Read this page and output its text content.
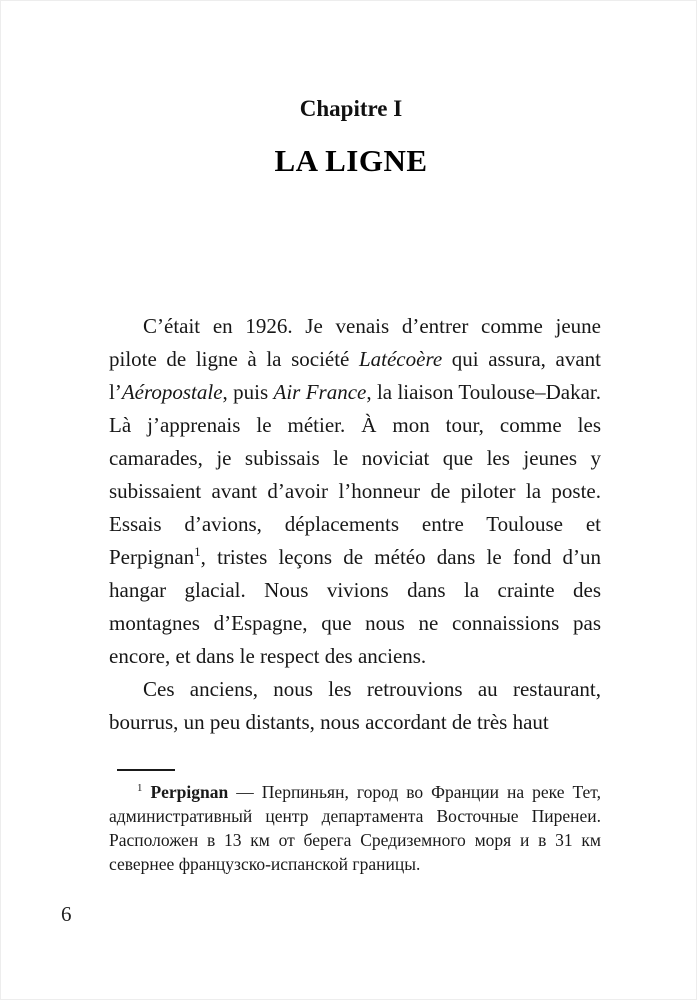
Chapitre I
LA LIGNE

C’était en 1926. Je venais d’entrer comme jeune pilote de ligne à la société Latécoère qui assura, avant l’Aéropostale, puis Air France, la liaison Toulouse–Dakar. Là j’apprenais le métier. À mon tour, comme les camarades, je subissais le noviciat que les jeunes y subissaient avant d’avoir l’honneur de piloter la poste. Essais d’avions, déplacements entre Toulouse et Perpignan$^1$, tristes leçons de météo dans le fond d’un hangar glacial. Nous vivions dans la crainte des montagnes d’Espagne, que nous ne connaissions pas encore, et dans le respect des anciens.

Ces anciens, nous les retrouvions au restaurant, bourrus, un peu distants, nous accordant de très haut

$^1$ Perpignan — Перпиньян, город во Франции на реке Тет, административный центр департамента Восточные Пиренеи. Расположен в 13 км от берега Средиземного моря и в 31 км севернее французско-испанской границы.

6
